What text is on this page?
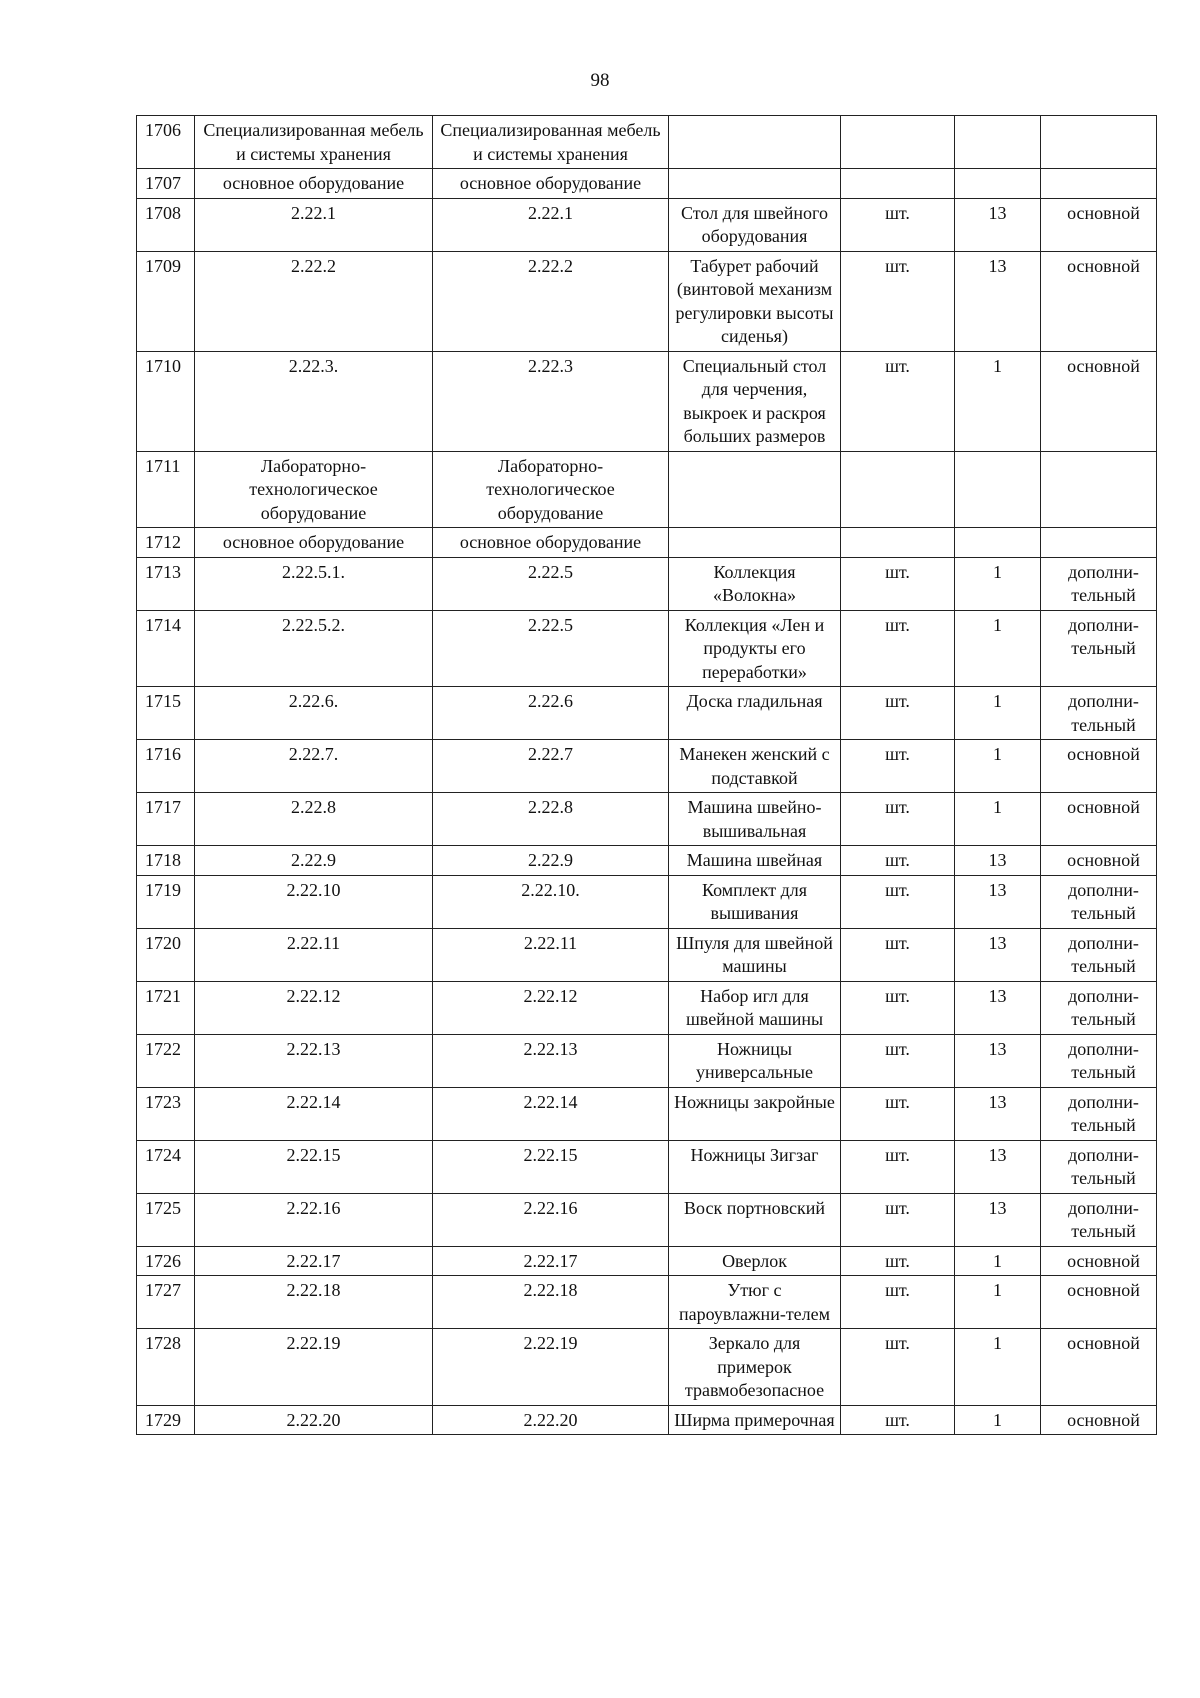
98
1706	Специализированная мебель и системы хранения	Специализированная мебель и системы хранения				
1707	основное оборудование	основное оборудование				
1708	2.22.1	2.22.1	Стол для швейного оборудования	шт.	13	основной
1709	2.22.2	2.22.2	Табурет рабочий (винтовой механизм регулировки высоты сиденья)	шт.	13	основной
1710	2.22.3.	2.22.3	Специальный стол для черчения, выкроек и раскроя больших размеров	шт.	1	основной
1711	Лабораторно-технологическое оборудование	Лабораторно-технологическое оборудование				
1712	основное оборудование	основное оборудование				
1713	2.22.5.1.	2.22.5	Коллекция «Волокна»	шт.	1	дополни-тельный
1714	2.22.5.2.	2.22.5	Коллекция «Лен и продукты его переработки»	шт.	1	дополни-тельный
1715	2.22.6.	2.22.6	Доска гладильная	шт.	1	дополни-тельный
1716	2.22.7.	2.22.7	Манекен женский с подставкой	шт.	1	основной
1717	2.22.8	2.22.8	Машина швейно-вышивальная	шт.	1	основной
1718	2.22.9	2.22.9	Машина швейная	шт.	13	основной
1719	2.22.10	2.22.10.	Комплект для вышивания	шт.	13	дополни-тельный
1720	2.22.11	2.22.11	Шпуля для швейной машины	шт.	13	дополни-тельный
1721	2.22.12	2.22.12	Набор игл для швейной машины	шт.	13	дополни-тельный
1722	2.22.13	2.22.13	Ножницы универсальные	шт.	13	дополни-тельный
1723	2.22.14	2.22.14	Ножницы закройные	шт.	13	дополни-тельный
1724	2.22.15	2.22.15	Ножницы Зигзаг	шт.	13	дополни-тельный
1725	2.22.16	2.22.16	Воск портновский	шт.	13	дополни-тельный
1726	2.22.17	2.22.17	Оверлок	шт.	1	основной
1727	2.22.18	2.22.18	Утюг с пароувлажни-телем	шт.	1	основной
1728	2.22.19	2.22.19	Зеркало для примерок травмобезопасное	шт.	1	основной
1729	2.22.20	2.22.20	Ширма примерочная	шт.	1	основной
